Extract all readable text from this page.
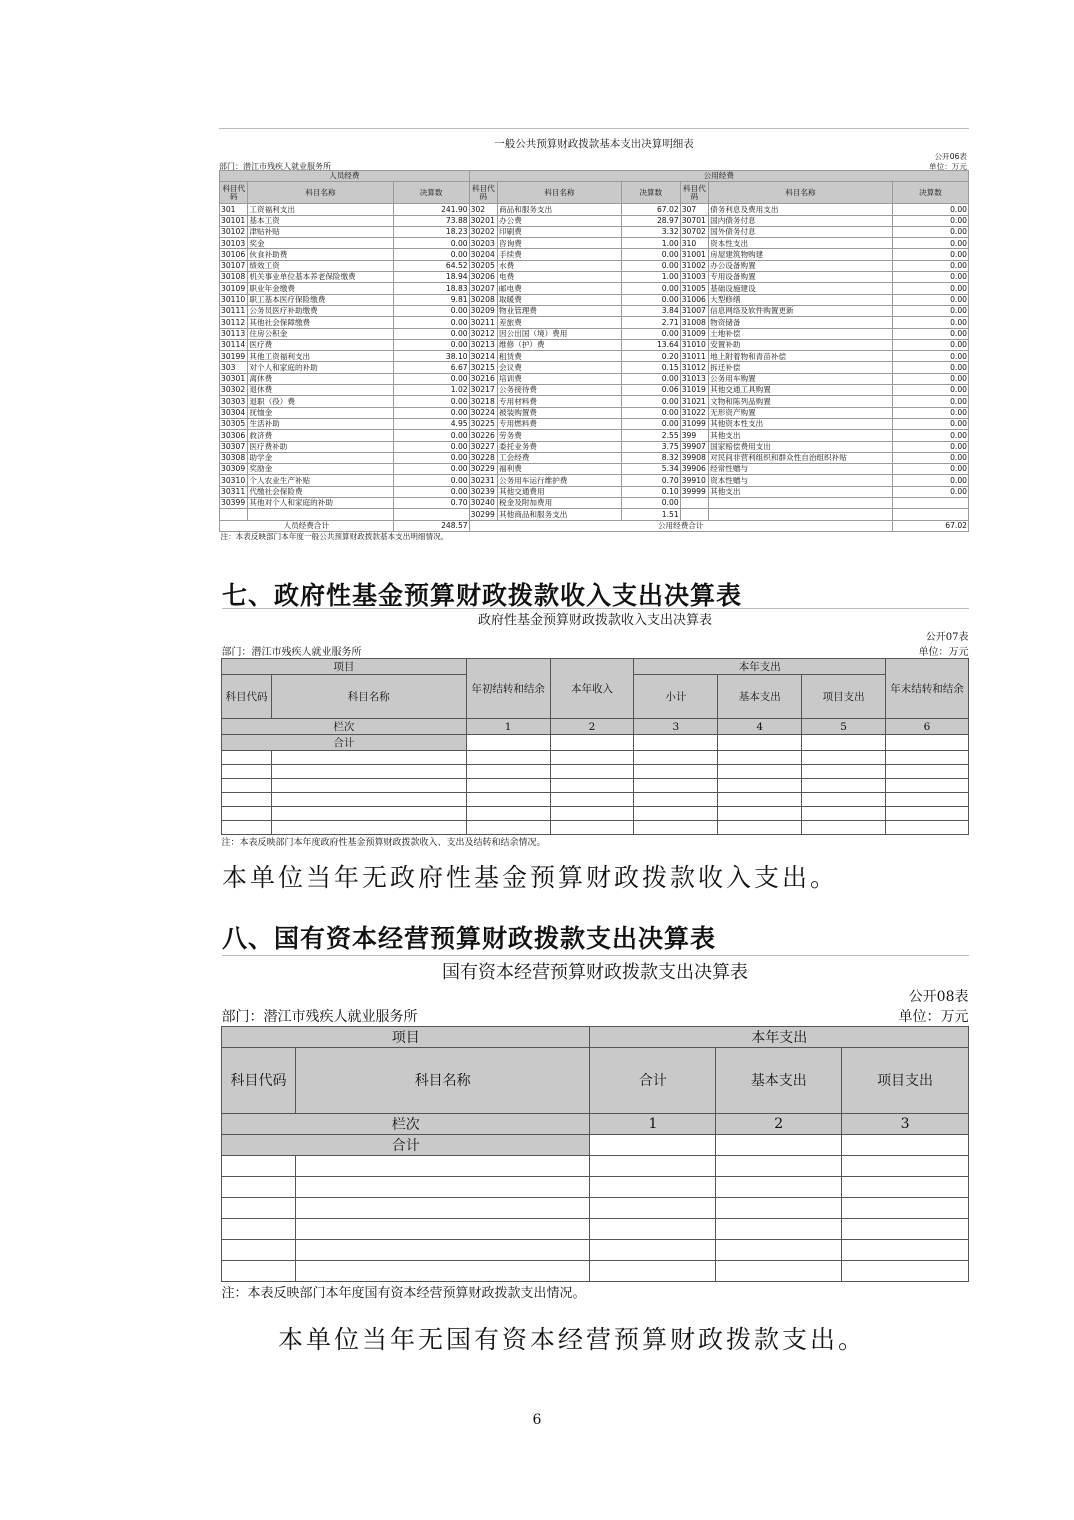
一般公共预算财政拨款基本支出决算明细表
公开06表
部门：潜江市残疾人就业服务所	单位：万元
人员经费			公用经费					
科目代码	科目名称	决算数	科目代码	科目名称	决算数	科目代码	科目名称	决算数
301	工资福利支出	241.90	302	商品和服务支出	67.02	307	债务利息及费用支出	0.00
30101	基本工资	73.88	30201	办公费	28.97	30701	国内债务付息	0.00
30102	津贴补贴	18.23	30202	印刷费	3.32	30702	国外债务付息	0.00
30103	奖金	0.00	30203	咨询费	1.00	310	资本性支出	0.00
30106	伙食补助费	0.00	30204	手续费	0.00	31001	房屋建筑物购建	0.00
30107	绩效工资	64.52	30205	水费	0.00	31002	办公设备购置	0.00
30108	机关事业单位基本养老保险缴费	18.94	30206	电费	1.00	31003	专用设备购置	0.00
30109	职业年金缴费	18.83	30207	邮电费	0.00	31005	基础设施建设	0.00
30110	职工基本医疗保险缴费	9.81	30208	取暖费	0.00	31006	大型修缮	0.00
30111	公务员医疗补助缴费	0.00	30209	物业管理费	3.84	31007	信息网络及软件购置更新	0.00
30112	其他社会保障缴费	0.00	30211	差旅费	2.71	31008	物资储备	0.00
30113	住房公积金	0.00	30212	因公出国（境）费用	0.00	31009	土地补偿	0.00
30114	医疗费	0.00	30213	维修（护）费	13.64	31010	安置补助	0.00
30199	其他工资福利支出	38.10	30214	租赁费	0.20	31011	地上附着物和青苗补偿	0.00
303	对个人和家庭的补助	6.67	30215	会议费	0.15	31012	拆迁补偿	0.00
30301	离休费	0.00	30216	培训费	0.00	31013	公务用车购置	0.00
30302	退休费	1.02	30217	公务接待费	0.06	31019	其他交通工具购置	0.00
30303	退职（役）费	0.00	30218	专用材料费	0.00	31021	文物和陈列品购置	0.00
30304	抚恤金	0.00	30224	被装购置费	0.00	31022	无形资产购置	0.00
30305	生活补助	4.95	30225	专用燃料费	0.00	31099	其他资本性支出	0.00
30306	救济费	0.00	30226	劳务费	2.55	399	其他支出	0.00
30307	医疗费补助	0.00	30227	委托业务费	3.75	39907	国家赔偿费用支出	0.00
30308	助学金	0.00	30228	工会经费	8.32	39908	对民间非营利组织和群众性自治组织补贴	0.00
30309	奖励金	0.00	30229	福利费	5.34	39906	经常性赠与	0.00
30310	个人农业生产补贴	0.00	30231	公务用车运行维护费	0.70	39910	资本性赠与	0.00
30311	代缴社会保险费	0.00	30239	其他交通费用	0.10	39999	其他支出	0.00
30399	其他对个人和家庭的补助	0.70	30240	税金及附加费用	0.00			
			30299	其他商品和服务支出	1.51			
人员经费合计		248.57	公用经费合计					67.02
注：本表反映部门本年度一般公共预算财政拨款基本支出明细情况。								
七、政府性基金预算财政拨款收入支出决算表
政府性基金预算财政拨款收入支出决算表							
公开07表							
部门：潜江市残疾人就业服务所				单位：万元			
项目		年初结转和结余	本年收入	本年支出			年末结转和结余
科目代码	科目名称			小计	基本支出	项目支出	
栏次		1	2	3	4	5	6
合计							

注：本表反映部门本年度政府性基金预算财政拨款收入、支出及结转和结余情况。							
本单位当年无政府性基金预算财政拨款收入支出。
八、国有资本经营预算财政拨款支出决算表
国有资本经营预算财政拨款支出决算表				
公开08表				
部门：潜江市残疾人就业服务所			单位：万元	
项目		本年支出		
科目代码	科目名称	合计	基本支出	项目支出
栏次		1	2	3
合计				

注：本表反映部门本年度国有资本经营预算财政拨款支出情况。				
本单位当年无国有资本经营预算财政拨款支出。
6
